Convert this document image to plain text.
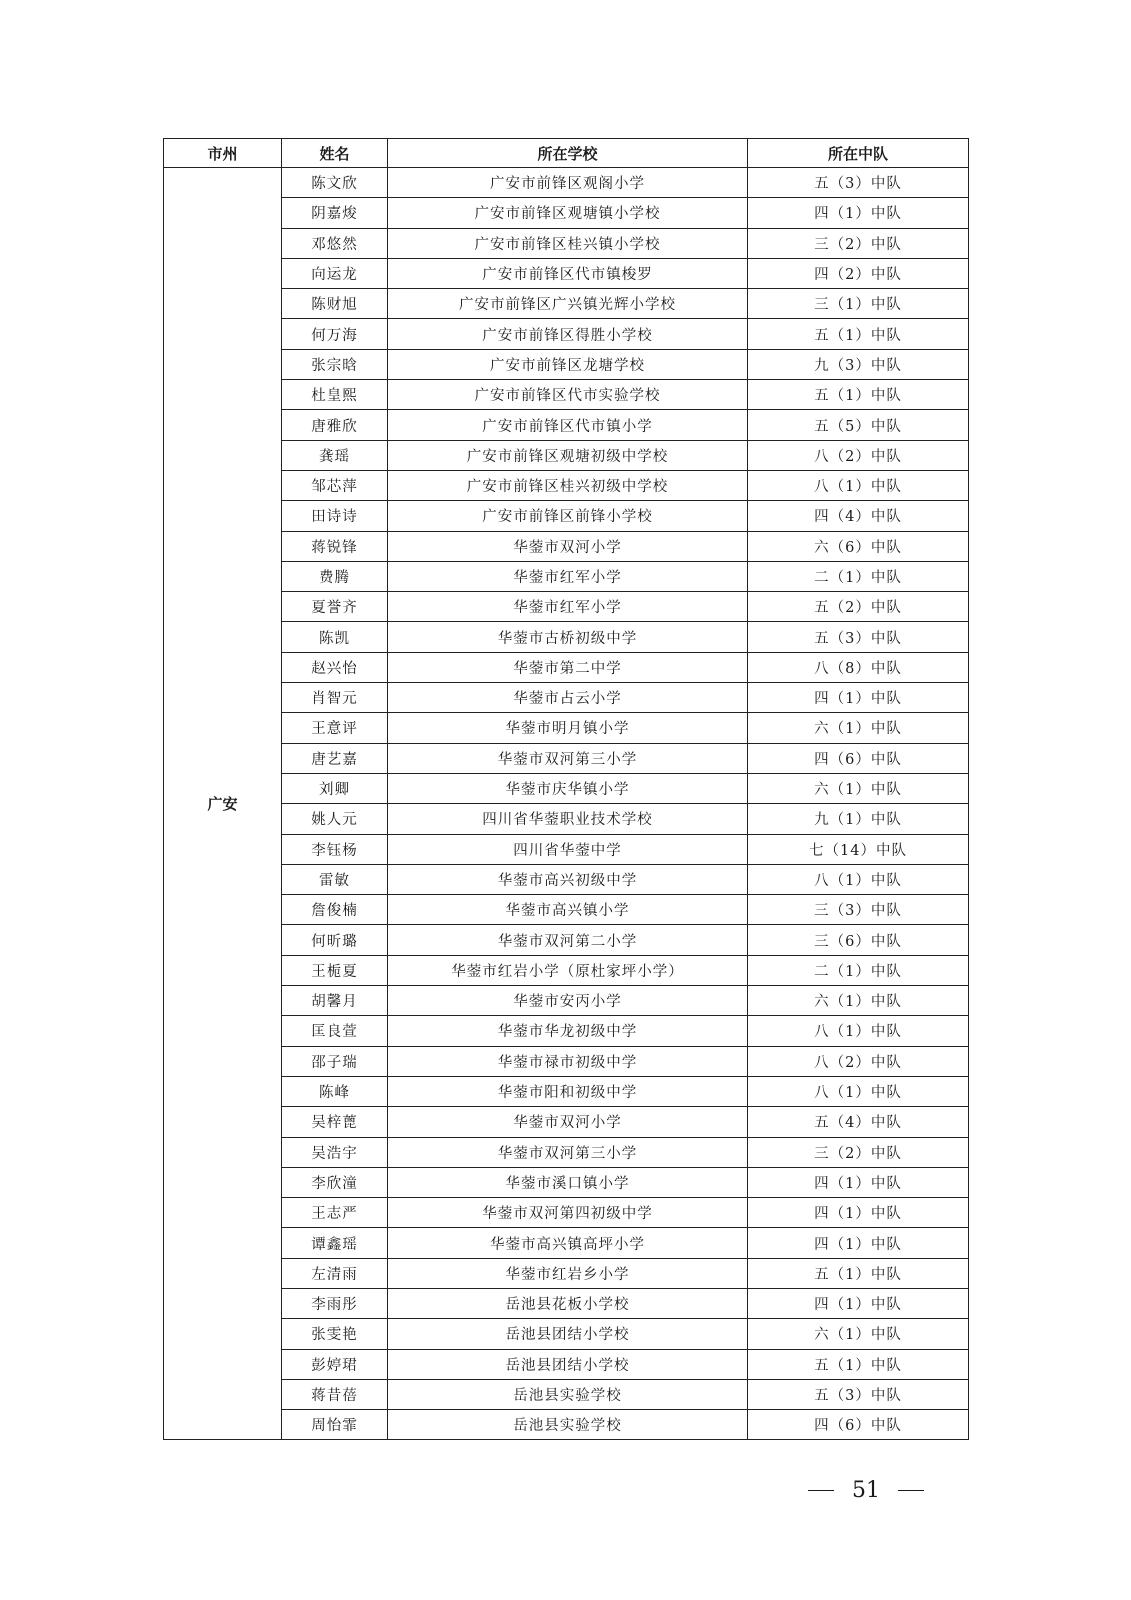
市州	姓名	所在学校	所在中队
广安	陈文欣	广安市前锋区观阁小学	五（3）中队
	阴嘉焌	广安市前锋区观塘镇小学校	四（1）中队
	邓悠然	广安市前锋区桂兴镇小学校	三（2）中队
	向运龙	广安市前锋区代市镇梭罗	四（2）中队
	陈财旭	广安市前锋区广兴镇光辉小学校	三（1）中队
	何万海	广安市前锋区得胜小学校	五（1）中队
	张宗晗	广安市前锋区龙塘学校	九（3）中队
	杜皇熙	广安市前锋区代市实验学校	五（1）中队
	唐雅欣	广安市前锋区代市镇小学	五（5）中队
	龚瑶	广安市前锋区观塘初级中学校	八（2）中队
	邹芯萍	广安市前锋区桂兴初级中学校	八（1）中队
	田诗诗	广安市前锋区前锋小学校	四（4）中队
	蒋锐锋	华蓥市双河小学	六（6）中队
	费腾	华蓥市红军小学	二（1）中队
	夏誉齐	华蓥市红军小学	五（2）中队
	陈凯	华蓥市古桥初级中学	五（3）中队
	赵兴怡	华蓥市第二中学	八（8）中队
	肖智元	华蓥市占云小学	四（1）中队
	王意评	华蓥市明月镇小学	六（1）中队
	唐艺嘉	华蓥市双河第三小学	四（6）中队
	刘卿	华蓥市庆华镇小学	六（1）中队
	姚人元	四川省华蓥职业技术学校	九（1）中队
	李钰杨	四川省华蓥中学	七（14）中队
	雷敏	华蓥市高兴初级中学	八（1）中队
	詹俊楠	华蓥市高兴镇小学	三（3）中队
	何昕璐	华蓥市双河第二小学	三（6）中队
	王栀夏	华蓥市红岩小学（原杜家坪小学）	二（1）中队
	胡馨月	华蓥市安丙小学	六（1）中队
	匡良萱	华蓥市华龙初级中学	八（1）中队
	邵子瑞	华蓥市禄市初级中学	八（2）中队
	陈峰	华蓥市阳和初级中学	八（1）中队
	吴梓蓖	华蓥市双河小学	五（4）中队
	吴浩宇	华蓥市双河第三小学	三（2）中队
	李欣潼	华蓥市溪口镇小学	四（1）中队
	王志严	华蓥市双河第四初级中学	四（1）中队
	谭鑫瑶	华蓥市高兴镇高坪小学	四（1）中队
	左清雨	华蓥市红岩乡小学	五（1）中队
	李雨彤	岳池县花板小学校	四（1）中队
	张雯艳	岳池县团结小学校	六（1）中队
	彭婷珺	岳池县团结小学校	五（1）中队
	蒋昔蓓	岳池县实验学校	五（3）中队
	周怡霏	岳池县实验学校	四（6）中队
51
